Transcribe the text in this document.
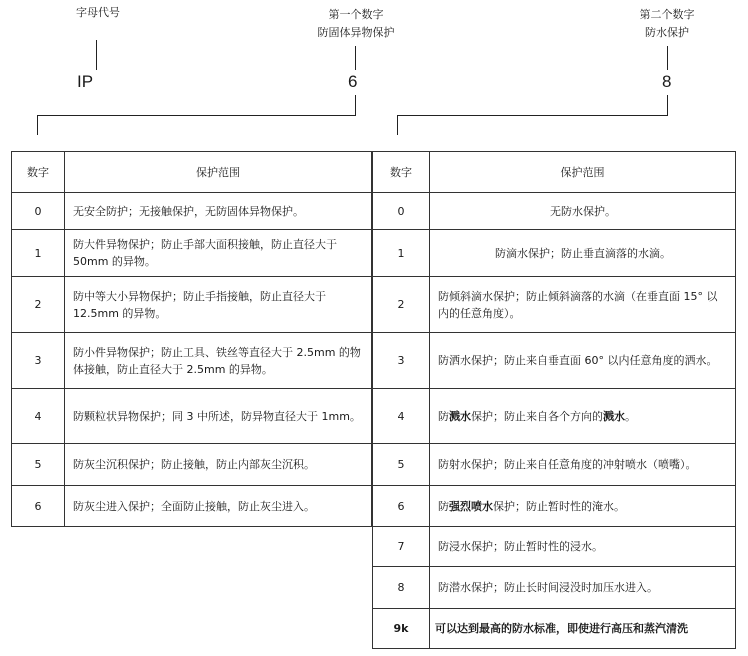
字母代号
IP
第一个数字
防固体异物保护
6
第二个数字
防水保护
8
数字	保护范围
0	无安全防护；无接触保护，无防固体异物保护。
1	防大件异物保护；防止手部大面积接触，防止直径大于 50mm 的异物。
2	防中等大小异物保护；防止手指接触，防止直径大于12.5mm 的异物。
3	防小件异物保护；防止工具、铁丝等直径大于 2.5mm 的物体接触，防止直径大于 2.5mm 的异物。
4	防颗粒状异物保护；同 3 中所述，防异物直径大于 1mm。
5	防灰尘沉积保护；防止接触，防止内部灰尘沉积。
6	防灰尘进入保护；全面防止接触，防止灰尘进入。
数字	保护范围
0	无防水保护。
1	防滴水保护；防止垂直滴落的水滴。
2	防倾斜滴水保护；防止倾斜滴落的水滴（在垂直面 15° 以内的任意角度）。
3	防洒水保护；防止来自垂直面 60° 以内任意角度的洒水。
4	防溅水保护；防止来自各个方向的溅水。
5	防射水保护；防止来自任意角度的冲射喷水（喷嘴）。
6	防强烈喷水保护；防止暂时性的淹水。
7	防浸水保护；防止暂时性的浸水。
8	防潜水保护；防止长时间浸没时加压水进入。
9k	可以达到最高的防水标准，即使进行高压和蒸汽清洗
